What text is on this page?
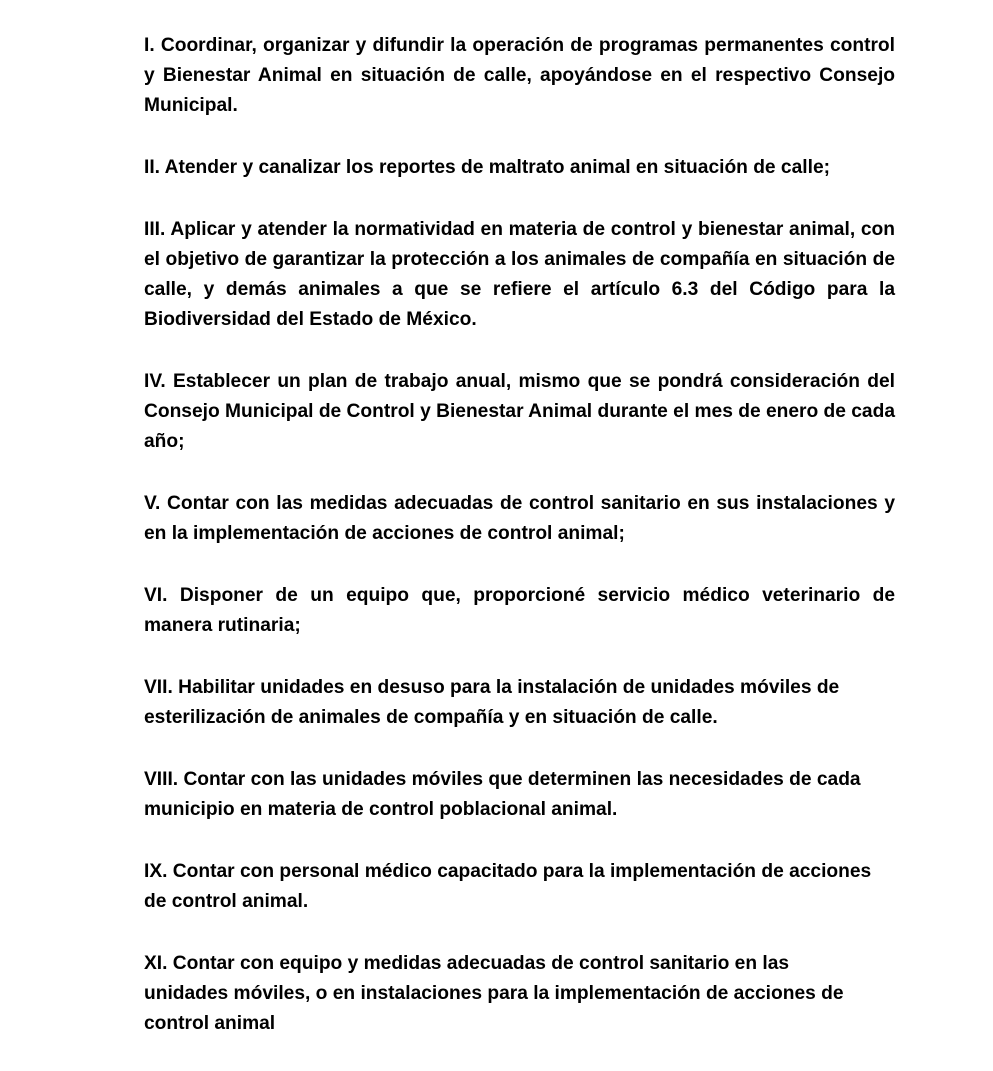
I. Coordinar, organizar y difundir la operación de programas permanentes control y Bienestar Animal en situación de calle, apoyándose en el respectivo Consejo Municipal.

II. Atender y canalizar los reportes de maltrato animal en situación de calle;

III. Aplicar y atender la normatividad en materia de control y bienestar animal, con el objetivo de garantizar la protección a los animales de compañía en situación de calle, y demás animales a que se refiere el artículo 6.3 del Código para la Biodiversidad del Estado de México.

IV. Establecer un plan de trabajo anual, mismo que se pondrá consideración del Consejo Municipal de Control y Bienestar Animal durante el mes de enero de cada año;

V. Contar con las medidas adecuadas de control sanitario en sus instalaciones y en la implementación de acciones de control animal;

VI. Disponer de un equipo que, proporcioné servicio médico veterinario de manera rutinaria;

VII. Habilitar unidades en desuso para la instalación de unidades móviles de esterilización de animales de compañía y en situación de calle.

VIII. Contar con las unidades móviles que determinen las necesidades de cada municipio en materia de control poblacional animal.

IX. Contar con personal médico capacitado para la implementación de acciones de control animal.

XI. Contar con equipo y medidas adecuadas de control sanitario en las unidades móviles, o en instalaciones para la implementación de acciones de control animal
